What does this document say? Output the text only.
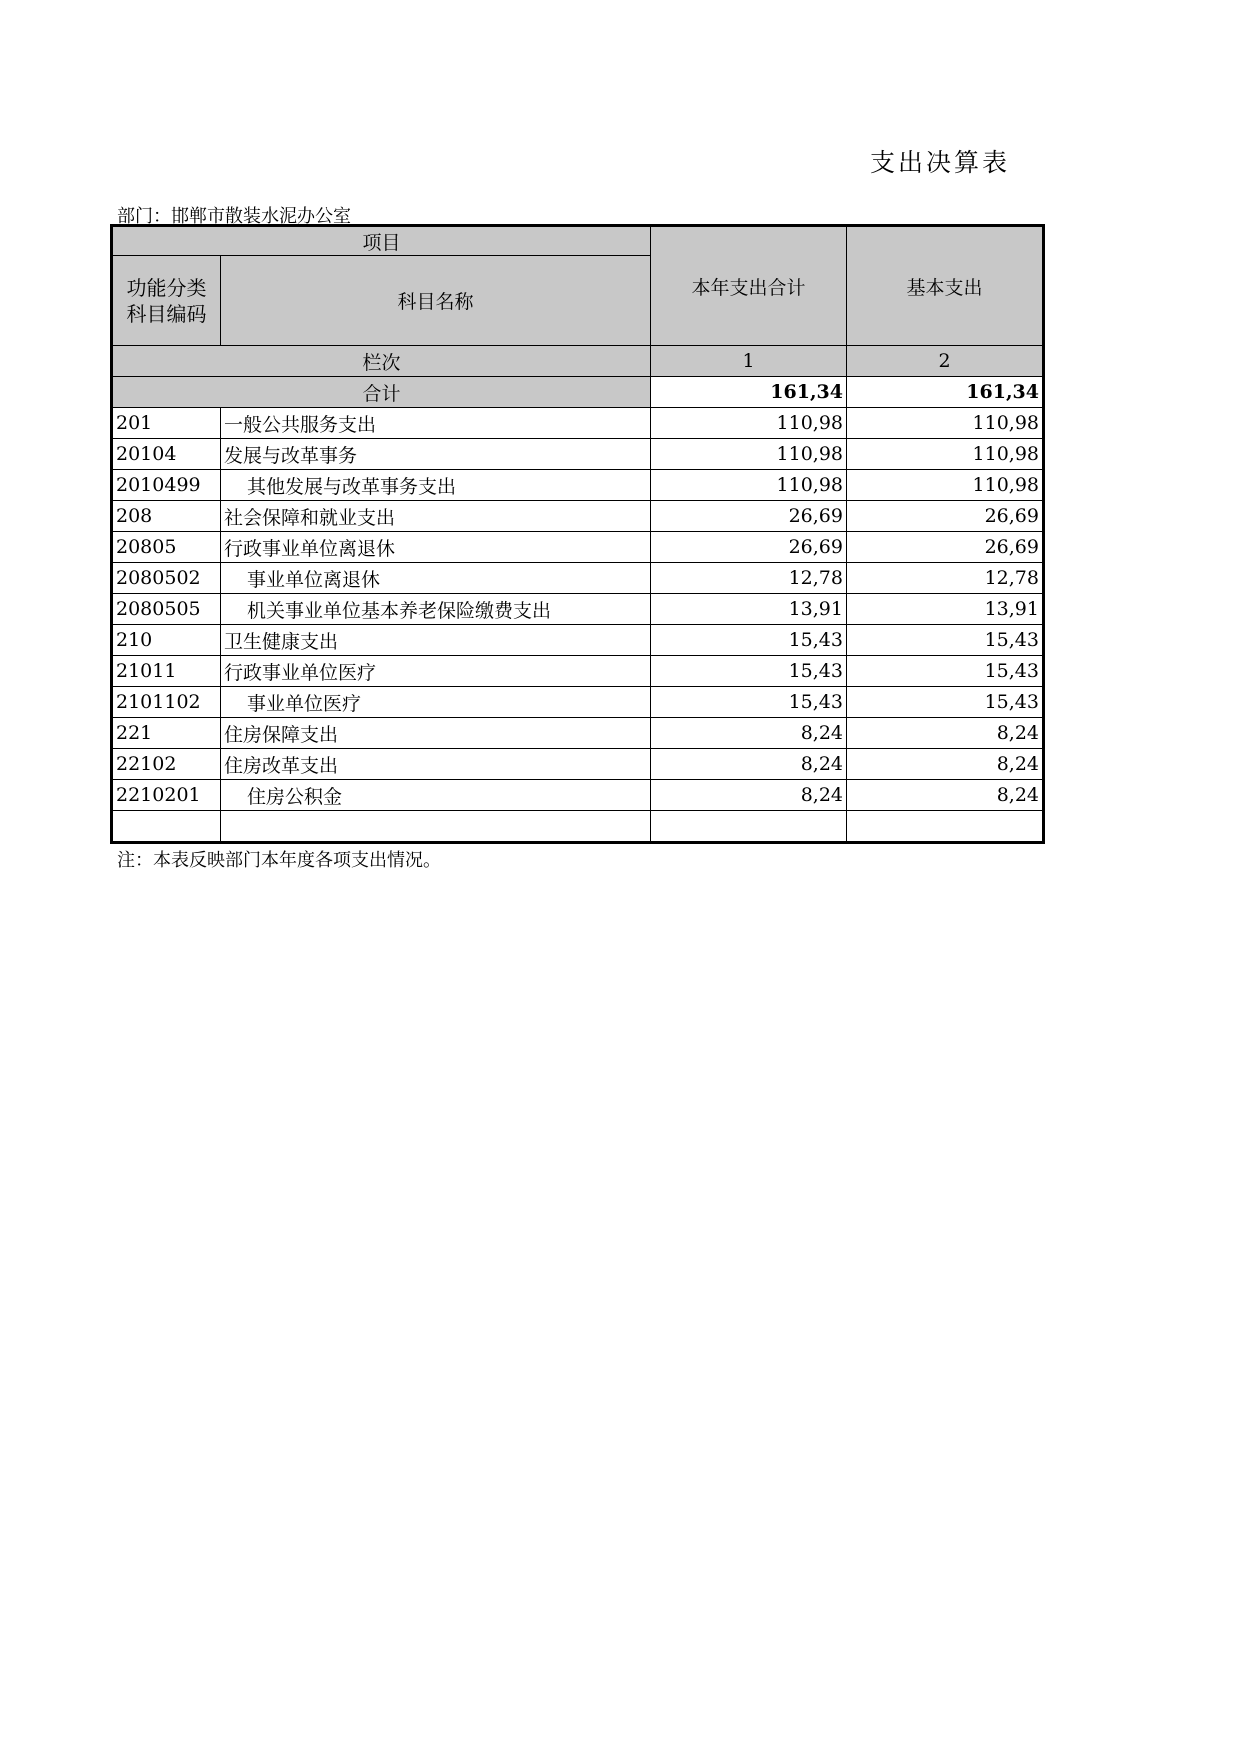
支出决算表
部门：邯郸市散装水泥办公室
项目		本年支出合计	基本支出

功能分类
科目编码	科目名称		
栏次		1	2
合计		161,34	161,34
201	一般公共服务支出	110,98	110,98
20104	发展与改革事务	110,98	110,98
2010499	其他发展与改革事务支出	110,98	110,98
208	社会保障和就业支出	26,69	26,69
20805	行政事业单位离退休	26,69	26,69
2080502	事业单位离退休	12,78	12,78
2080505	机关事业单位基本养老保险缴费支出	13,91	13,91
210	卫生健康支出	15,43	15,43
21011	行政事业单位医疗	15,43	15,43
2101102	事业单位医疗	15,43	15,43
221	住房保障支出	8,24	8,24
22102	住房改革支出	8,24	8,24
2210201	住房公积金	8,24	8,24

注：本表反映部门本年度各项支出情况。
